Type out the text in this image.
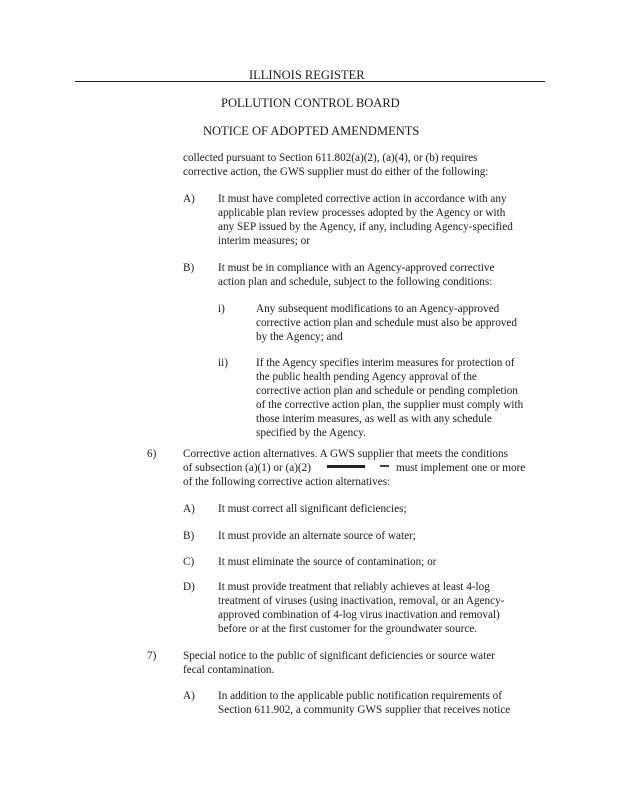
ILLINOIS REGISTER
POLLUTION CONTROL BOARD
NOTICE OF ADOPTED AMENDMENTS
collected pursuant to Section 611.802(a)(2), (a)(4), or (b) requires
corrective action, the GWS supplier must do either of the following:
A) It must have completed corrective action in accordance with any
applicable plan review processes adopted by the Agency or with
any SEP issued by the Agency, if any, including Agency-specified
interim measures; or
B) It must be in compliance with an Agency-approved corrective
action plan and schedule, subject to the following conditions:
i)	Any subsequent modifications to an Agency-approved
corrective action plan and schedule must also be approved
by the Agency; and
ii)	If the Agency specifies interim measures for protection of
the public health pending Agency approval of the
corrective action plan and schedule or pending completion
of the corrective action plan, the supplier must comply with
those interim measures, as well as with any schedule
specified by the Agency.
6) Corrective action alternatives. A GWS supplier that meets the conditions
of subsection (a)(1) or (a)(2)	must implement one or more
of the following corrective action alternatives:
A) It must correct all significant deficiencies;
B) It must provide an alternate source of water;
C) It must eliminate the source of contamination; or
D) It must provide treatment that reliably achieves at least 4-log
treatment of viruses (using inactivation, removal, or an Agency-
approved combination of 4-log virus inactivation and removal)
before or at the first customer for the groundwater source.
7) Special notice to the public of significant deficiencies or source water
fecal contamination.
A) In addition to the applicable public notification requirements of
Section 611.902, a community GWS supplier that receives notice
